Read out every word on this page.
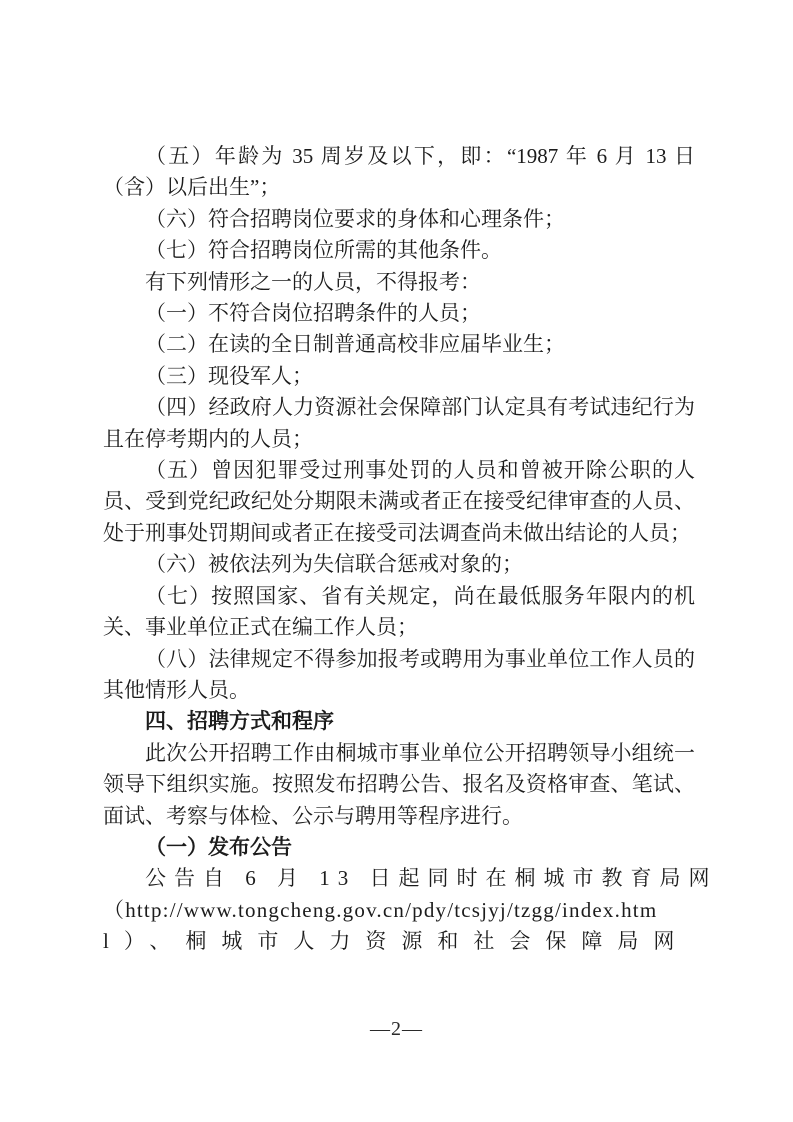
（五）年龄为 35 周岁及以下，即：“1987 年 6 月 13 日（含）以后出生”；

（六）符合招聘岗位要求的身体和心理条件；

（七）符合招聘岗位所需的其他条件。

有下列情形之一的人员，不得报考：

（一）不符合岗位招聘条件的人员；

（二）在读的全日制普通高校非应届毕业生；

（三）现役军人；

（四）经政府人力资源社会保障部门认定具有考试违纪行为且在停考期内的人员；

（五）曾因犯罪受过刑事处罚的人员和曾被开除公职的人员、受到党纪政纪处分期限未满或者正在接受纪律审查的人员、处于刑事处罚期间或者正在接受司法调查尚未做出结论的人员；

（六）被依法列为失信联合惩戒对象的；

（七）按照国家、省有关规定，尚在最低服务年限内的机关、事业单位正式在编工作人员；

（八）法律规定不得参加报考或聘用为事业单位工作人员的其他情形人员。

四、招聘方式和程序

此次公开招聘工作由桐城市事业单位公开招聘领导小组统一领导下组织实施。按照发布招聘公告、报名及资格审查、笔试、面试、考察与体检、公示与聘用等程序进行。

（一）发布公告

公告自 6 月 13 日起同时在桐城市教育局网

（http://www.tongcheng.gov.cn/pdy/tcsjyj/tzgg/index.htm

l）、桐城市人力资源和社会保障局网

—2—
